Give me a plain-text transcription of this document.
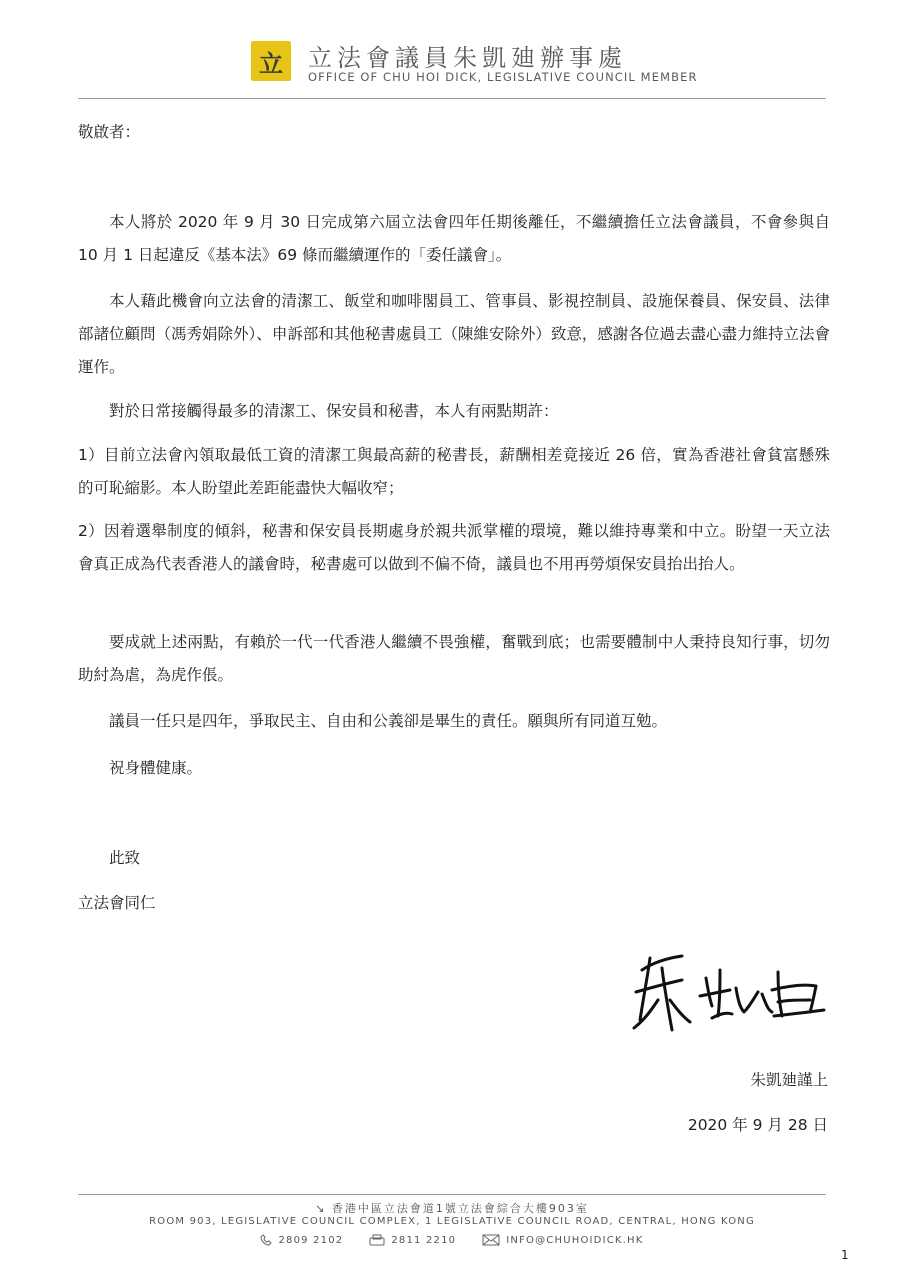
立 立法會議員朱凱廸辦事處
OFFICE OF CHU HOI DICK, LEGISLATIVE COUNCIL MEMBER
敬啟者：
本人將於 2020 年 9 月 30 日完成第六屆立法會四年任期後離任，不繼續擔任立法會議員，不會參與自 10 月 1 日起違反《基本法》69 條而繼續運作的「委任議會」。
本人藉此機會向立法會的清潔工、飯堂和咖啡閣員工、管事員、影視控制員、設施保養員、保安員、法律部諸位顧問（馮秀娟除外）、申訴部和其他秘書處員工（陳維安除外）致意，感謝各位過去盡心盡力維持立法會運作。
對於日常接觸得最多的清潔工、保安員和秘書，本人有兩點期許：
1）目前立法會內領取最低工資的清潔工與最高薪的秘書長，薪酬相差竟接近 26 倍，實為香港社會貧富懸殊的可恥縮影。本人盼望此差距能盡快大幅收窄；
2）因着選舉制度的傾斜，秘書和保安員長期處身於親共派掌權的環境，難以維持專業和中立。盼望一天立法會真正成為代表香港人的議會時，秘書處可以做到不偏不倚，議員也不用再勞煩保安員抬出抬人。
要成就上述兩點，有賴於一代一代香港人繼續不畏強權，奮戰到底；也需要體制中人秉持良知行事，切勿助紂為虐，為虎作倀。
議員一任只是四年，爭取民主、自由和公義卻是畢生的責任。願與所有同道互勉。
祝身體健康。
此致
立法會同仁
朱凱廸謹上
2020 年 9 月 28 日
↘ 香港中區立法會道1號立法會綜合大樓903室
ROOM 903, LEGISLATIVE COUNCIL COMPLEX, 1 LEGISLATIVE COUNCIL ROAD, CENTRAL, HONG KONG
2809 2102	2811 2210	INFO@CHUHOIDICK.HK
1
